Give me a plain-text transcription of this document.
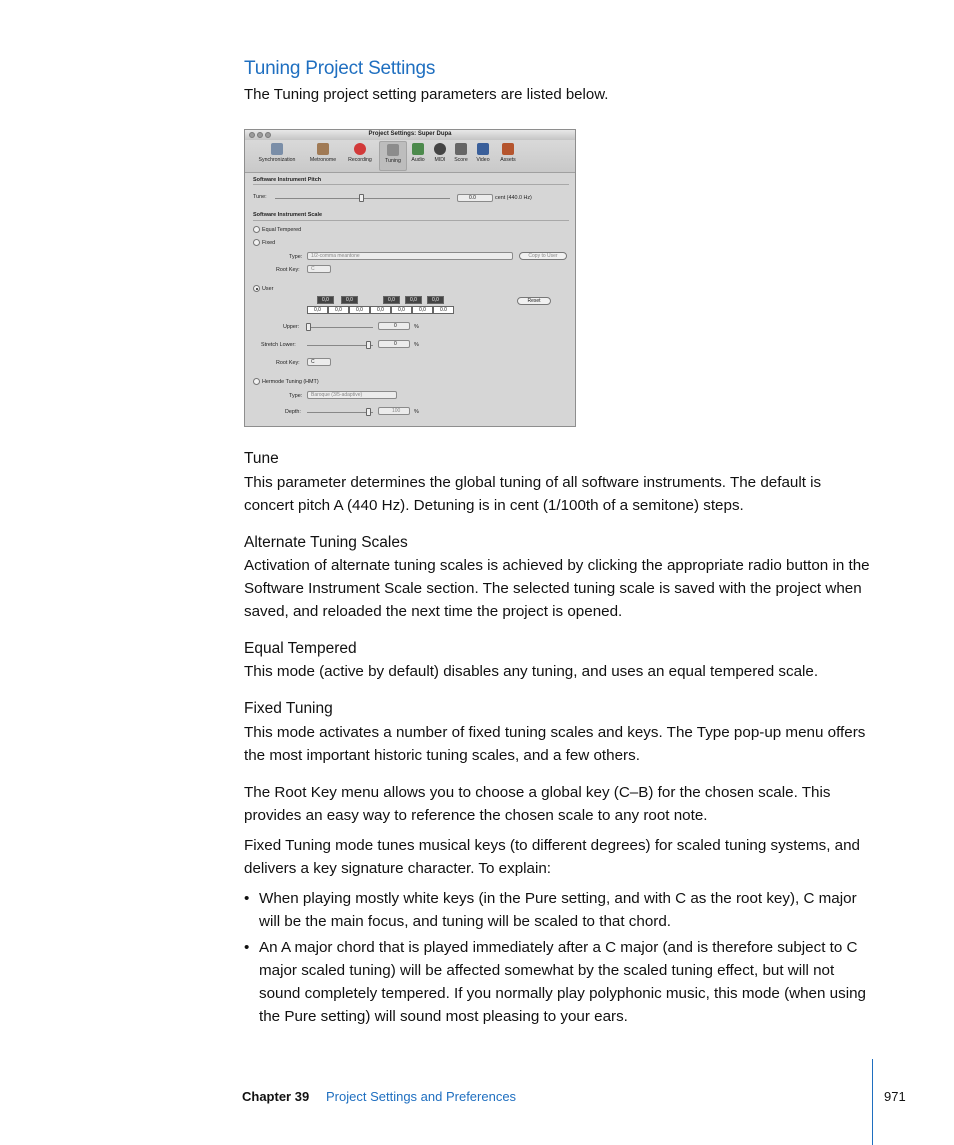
Tuning Project Settings
The Tuning project setting parameters are listed below.
Project Settings: Super Dupa
Synchronization	Metronome	Recording	Tuning	Audio	MIDI	Score	Video	Assets
Software Instrument Pitch
Tune:	0.0	cent (440.0 Hz)
Software Instrument Scale
Equal Tempered
Fixed
Type:	1/2-comma meantone	Copy to User
Root Key:	C
User
0,0	0,0	0,0	0,0	0,0
0,0	0,0	0,0	0,0	0,0	0,0	0.0
Reset
Upper:	0	%
Stretch Lower:	0	%
Root Key:	C
Hermode Tuning (HMT)
Type:	Baroque (3/5-adaptive)
Depth:	100	%
Tune
This parameter determines the global tuning of all software instruments. The default is concert pitch A (440 Hz). Detuning is in cent (1/100th of a semitone) steps.
Alternate Tuning Scales
Activation of alternate tuning scales is achieved by clicking the appropriate radio button in the Software Instrument Scale section. The selected tuning scale is saved with the project when saved, and reloaded the next time the project is opened.
Equal Tempered
This mode (active by default) disables any tuning, and uses an equal tempered scale.
Fixed Tuning
This mode activates a number of fixed tuning scales and keys. The Type pop-up menu offers the most important historic tuning scales, and a few others.
The Root Key menu allows you to choose a global key (C–B) for the chosen scale. This provides an easy way to reference the chosen scale to any root note.
Fixed Tuning mode tunes musical keys (to different degrees) for scaled tuning systems, and delivers a key signature character. To explain:
• When playing mostly white keys (in the Pure setting, and with C as the root key), C major will be the main focus, and tuning will be scaled to that chord.
• An A major chord that is played immediately after a C major (and is therefore subject to C major scaled tuning) will be affected somewhat by the scaled tuning effect, but will not sound completely tempered. If you normally play polyphonic music, this mode (when using the Pure setting) will sound most pleasing to your ears.
Chapter 39 Project Settings and Preferences	971
